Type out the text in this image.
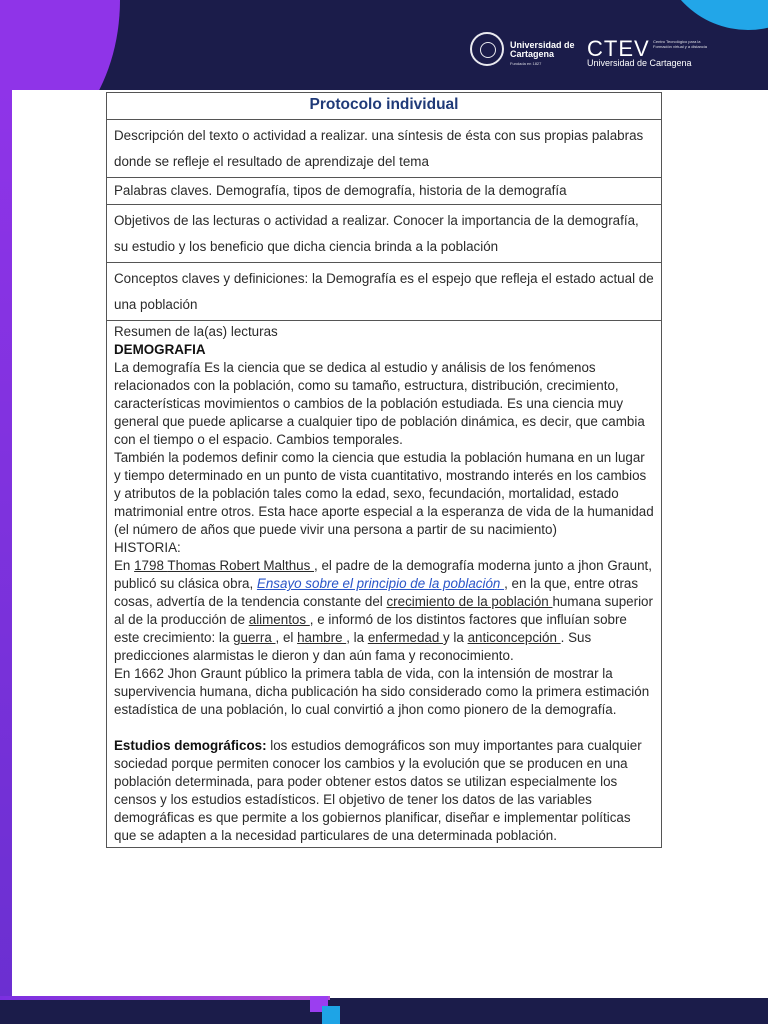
Universidad de Cartagena
Fundada en 1827
CTEV Centro Tecnológico para la Formación virtual y a distancia
Universidad de Cartagena
Protocolo individual
Descripción del texto o actividad a realizar. una síntesis de ésta con sus propias palabras donde se refleje el resultado de aprendizaje del tema
Palabras claves. Demografía, tipos de demografía, historia de la demografía
Objetivos de las lecturas o actividad a realizar. Conocer la importancia de la demografía, su estudio y los beneficio que dicha ciencia brinda a la población
Conceptos claves y definiciones: la Demografía es el espejo que refleja el estado actual de una población

Resumen de la(as) lecturas
DEMOGRAFIA
La demografía Es la ciencia que se dedica al estudio y análisis de los fenómenos relacionados con la población, como su tamaño, estructura, distribución, crecimiento, características movimientos o cambios de la población estudiada. Es una ciencia muy general que puede aplicarse a cualquier tipo de población dinámica, es decir, que cambia con el tiempo o el espacio. Cambios temporales.
También la podemos definir como la ciencia que estudia la población humana en un lugar y tiempo determinado en un punto de vista cuantitativo, mostrando interés en los cambios y atributos de la población tales como la edad, sexo, fecundación, mortalidad, estado matrimonial entre otros. Esta hace aporte especial a la esperanza de vida de la humanidad (el número de años que puede vivir una persona a partir de su nacimiento)
HISTORIA:
En 1798 Thomas Robert Malthus , el padre de la demografía moderna junto a jhon Graunt, publicó su clásica obra, Ensayo sobre el principio de la población , en la que, entre otras cosas, advertía de la tendencia constante del crecimiento de la población humana superior al de la producción de alimentos , e informó de los distintos factores que influían sobre este crecimiento: la guerra , el hambre , la enfermedad y la anticoncepción . Sus predicciones alarmistas le dieron y dan aún fama y reconocimiento.
En 1662 Jhon Graunt público la primera tabla de vida, con la intensión de mostrar la supervivencia humana, dicha publicación ha sido considerado como la primera estimación estadística de una población, lo cual convirtió a jhon como pionero de la demografía.
Estudios demográficos: los estudios demográficos son muy importantes para cualquier sociedad porque permiten conocer los cambios y la evolución que se producen en una población determinada, para poder obtener estos datos se utilizan especialmente los censos y los estudios estadísticos. El objetivo de tener los datos de las variables demográficas es que permite a los gobiernos planificar, diseñar e implementar políticas que se adapten a la necesidad particulares de una determinada población.
